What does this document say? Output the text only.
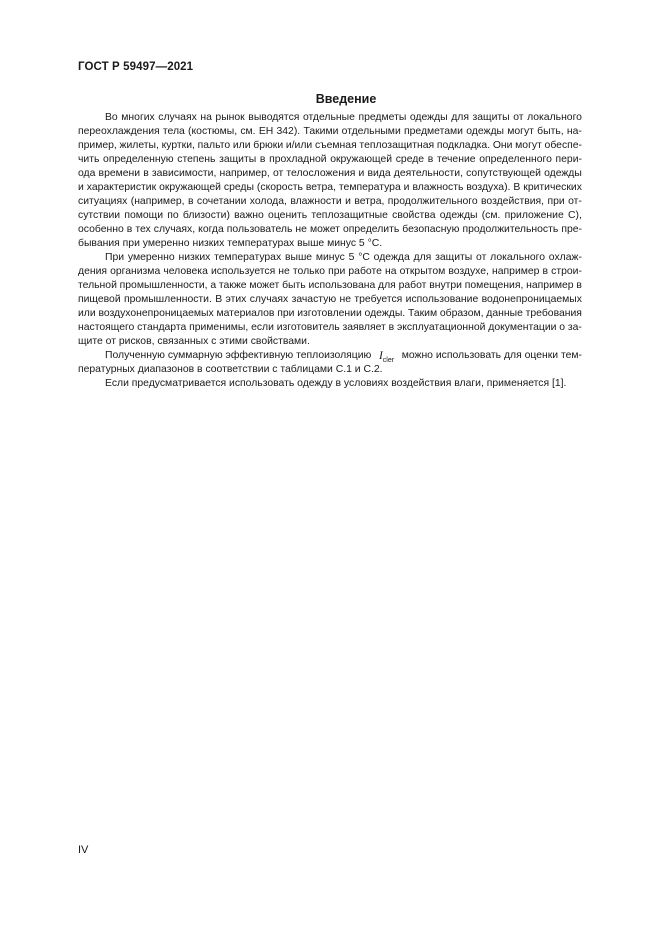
ГОСТ Р 59497—2021
Введение
Во многих случаях на рынок выводятся отдельные предметы одежды для защиты от локального
переохлаждения тела (костюмы, см. ЕН 342). Такими отдельными предметами одежды могут быть, на-
пример, жилеты, куртки, пальто или брюки и/или съемная теплозащитная подкладка. Они могут обеспе-
чить определенную степень защиты в прохладной окружающей среде в течение определенного пери-
ода времени в зависимости, например, от телосложения и вида деятельности, сопутствующей одежды
и характеристик окружающей среды (скорость ветра, температура и влажность воздуха). В критических
ситуациях (например, в сочетании холода, влажности и ветра, продолжительного воздействия, при от-
сутствии помощи по близости) важно оценить теплозащитные свойства одежды (см. приложение С),
особенно в тех случаях, когда пользователь не может определить безопасную продолжительность пре-
бывания при умеренно низких температурах выше минус 5 °С.
При умеренно низких температурах выше минус 5 °С одежда для защиты от локального охлаж-
дения организма человека используется не только при работе на открытом воздухе, например в строи-
тельной промышленности, а также может быть использована для работ внутри помещения, например в
пищевой промышленности. В этих случаях зачастую не требуется использование водонепроницаемых
или воздухонепроницаемых материалов при изготовлении одежды. Таким образом, данные требования
настоящего стандарта применимы, если изготовитель заявляет в эксплуатационной документации о за-
щите от рисков, связанных с этими свойствами.
Полученную суммарную эффективную теплоизоляцию $I_{cler}$ можно использовать для оценки тем-
пературных диапазонов в соответствии с таблицами С.1 и С.2.
Если предусматривается использовать одежду в условиях воздействия влаги, применяется [1].
IV
